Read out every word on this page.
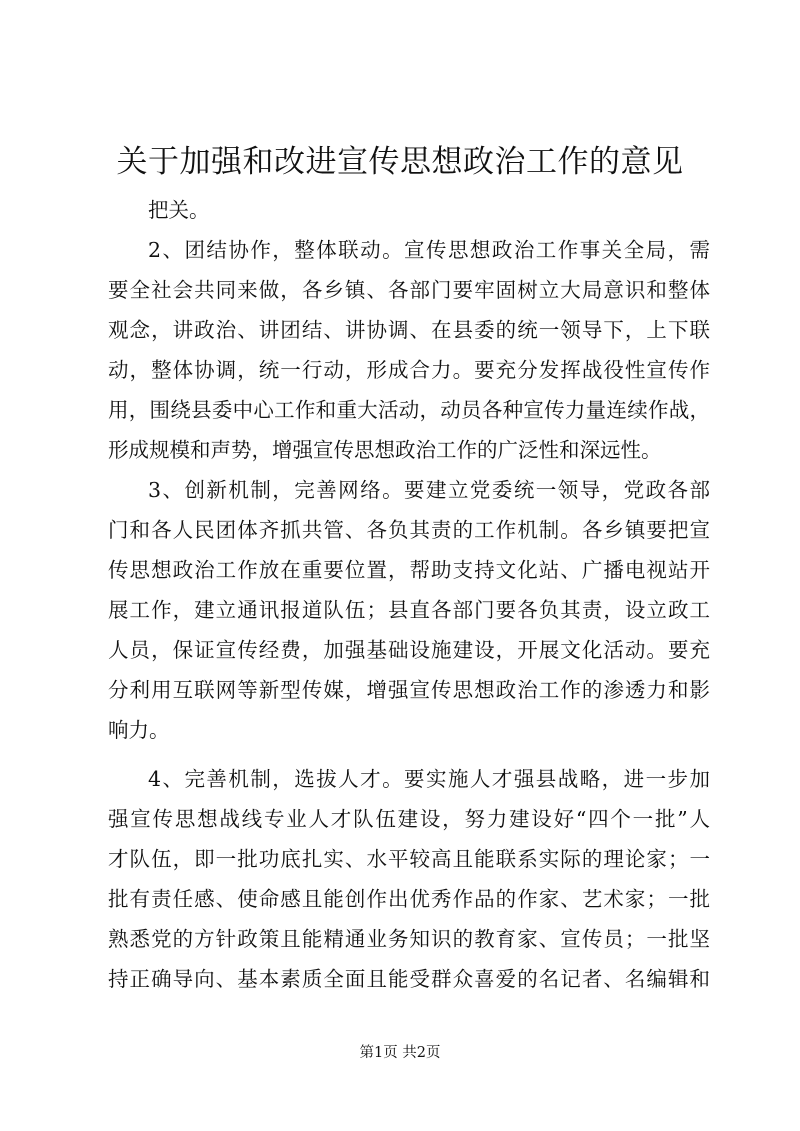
关于加强和改进宣传思想政治工作的意见

把关。

2、团结协作，整体联动。宣传思想政治工作事关全局，需

要全社会共同来做，各乡镇、各部门要牢固树立大局意识和整体

观念，讲政治、讲团结、讲协调、在县委的统一领导下，上下联

动，整体协调，统一行动，形成合力。要充分发挥战役性宣传作

用，围绕县委中心工作和重大活动，动员各种宣传力量连续作战，

形成规模和声势，增强宣传思想政治工作的广泛性和深远性。

3、创新机制，完善网络。要建立党委统一领导，党政各部

门和各人民团体齐抓共管、各负其责的工作机制。各乡镇要把宣

传思想政治工作放在重要位置，帮助支持文化站、广播电视站开

展工作，建立通讯报道队伍；县直各部门要各负其责，设立政工

人员，保证宣传经费，加强基础设施建设，开展文化活动。要充

分利用互联网等新型传媒，增强宣传思想政治工作的渗透力和影

响力。

4、完善机制，选拔人才。要实施人才强县战略，进一步加

强宣传思想战线专业人才队伍建设，努力建设好“四个一批”人

才队伍，即一批功底扎实、水平较高且能联系实际的理论家；一

批有责任感、使命感且能创作出优秀作品的作家、艺术家；一批

熟悉党的方针政策且能精通业务知识的教育家、宣传员；一批坚

持正确导向、基本素质全面且能受群众喜爱的名记者、名编辑和

第1页 共2页
